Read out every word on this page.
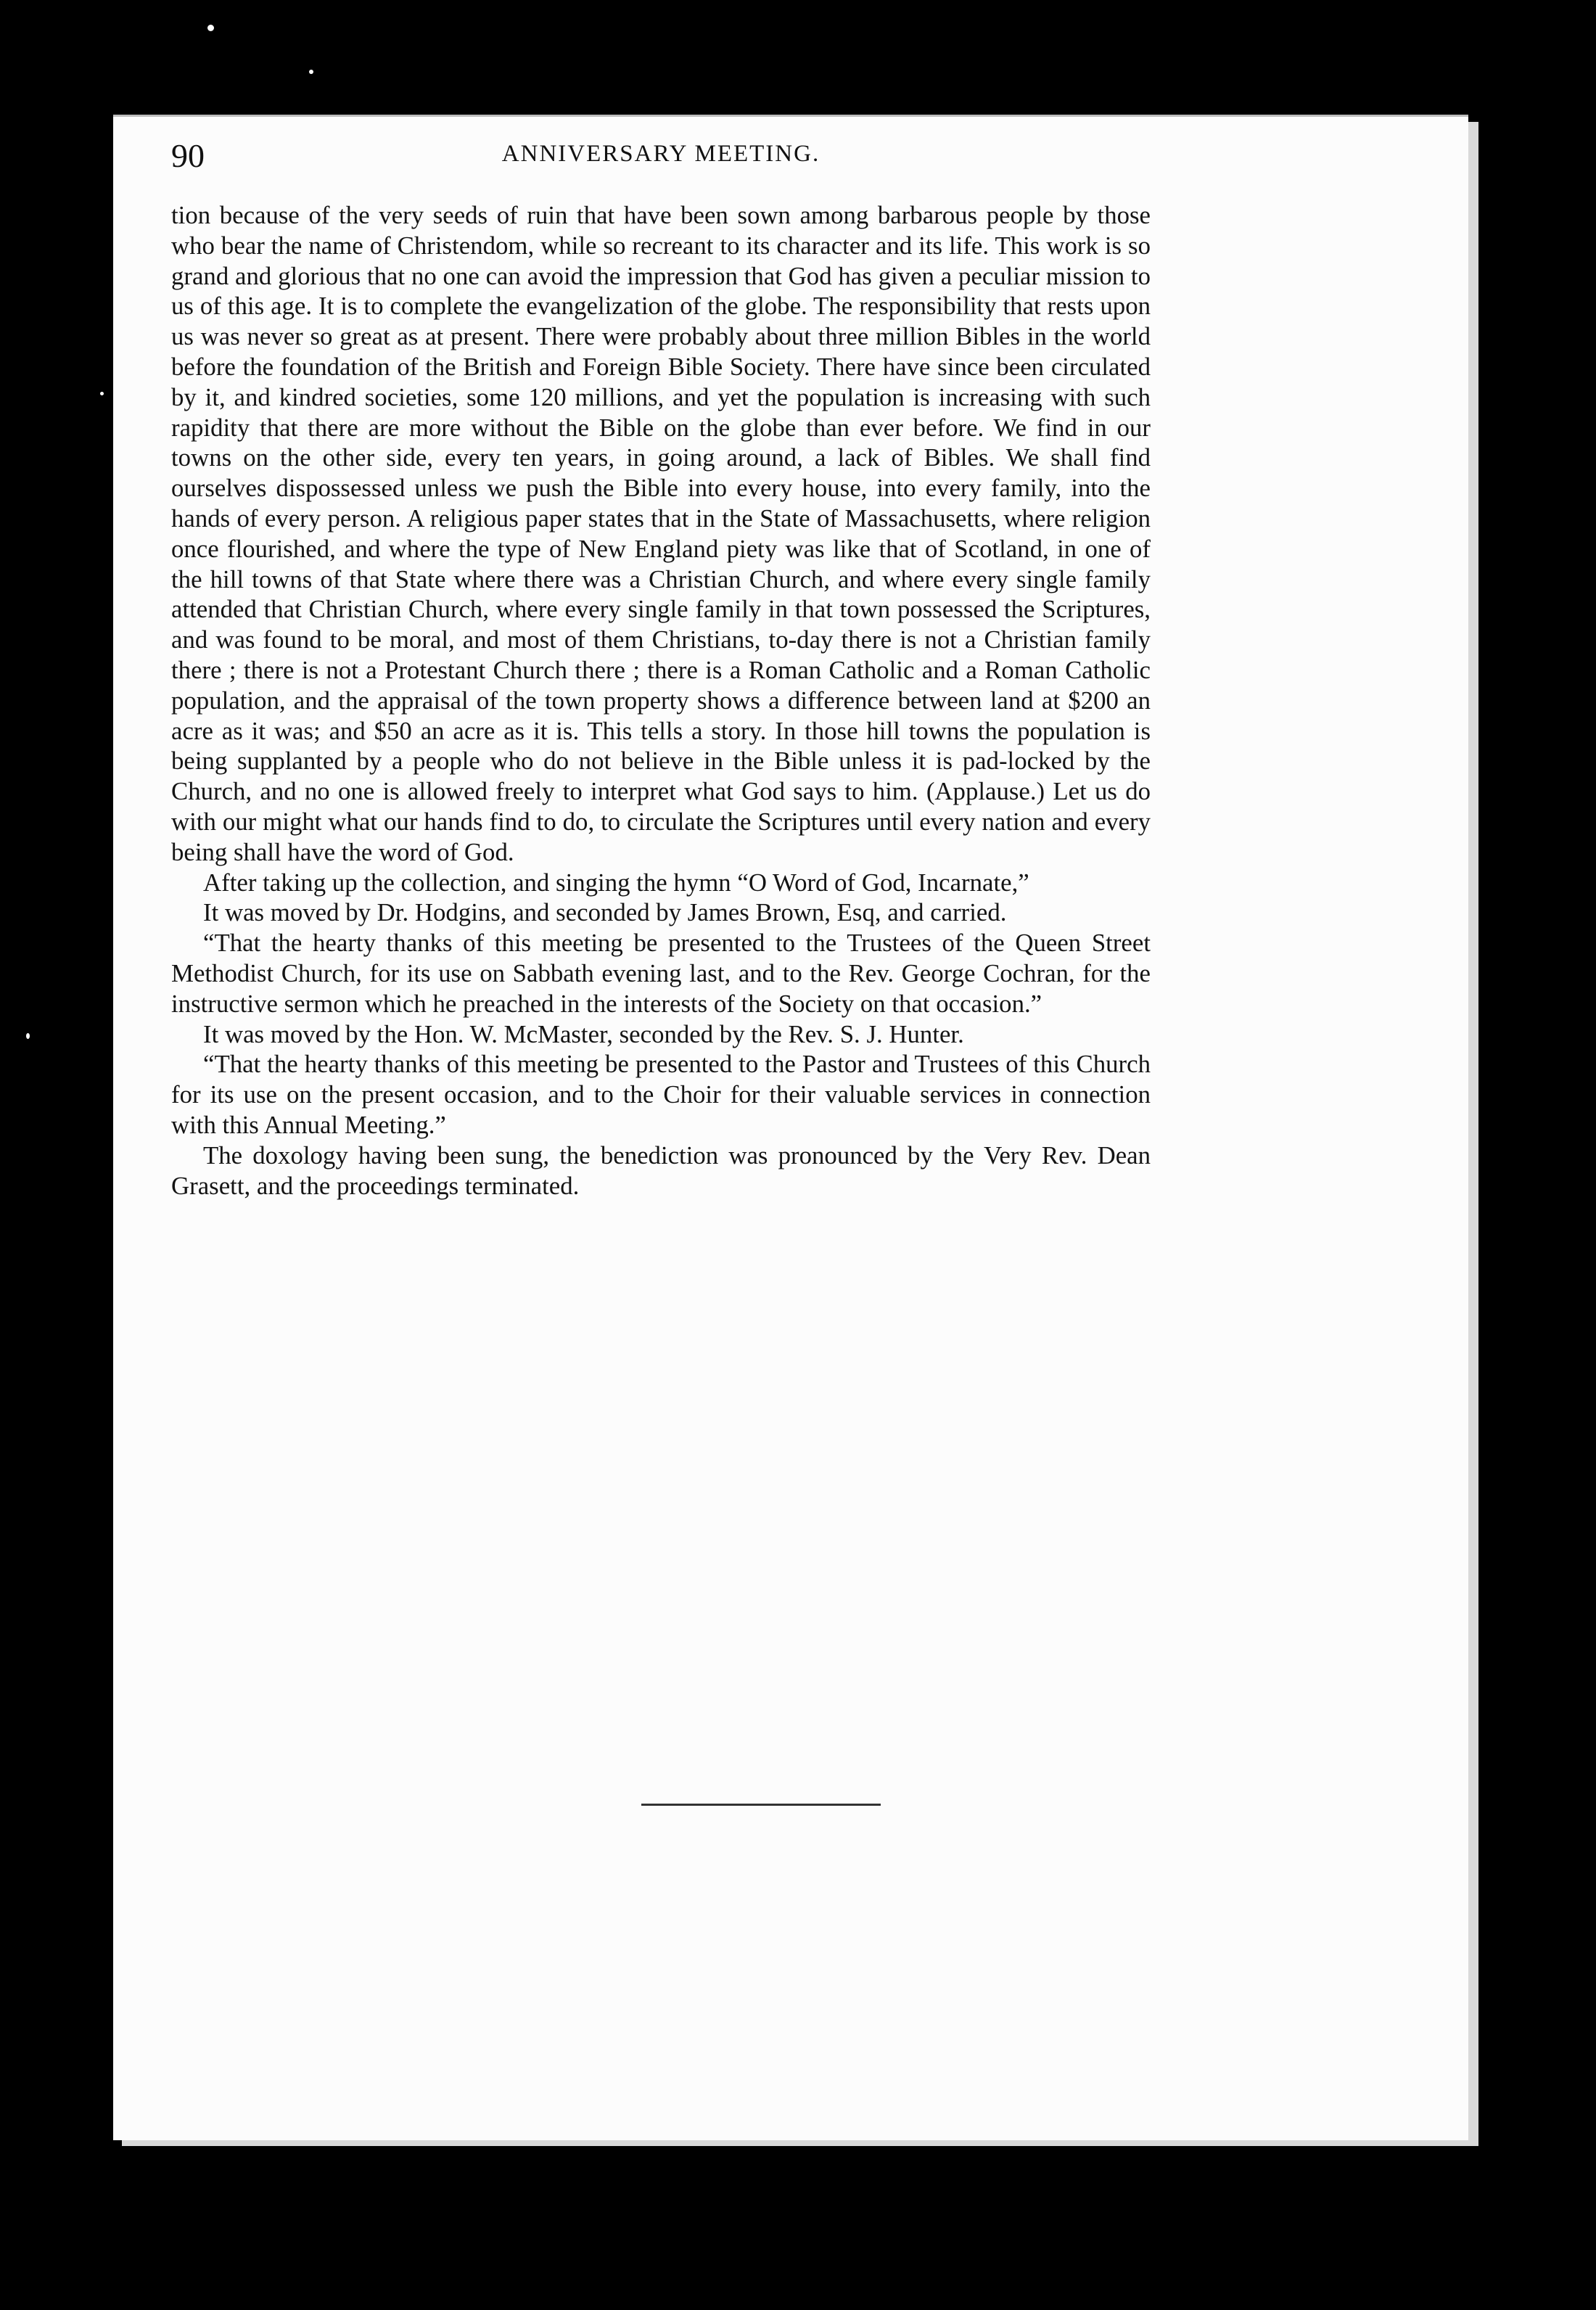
90	ANNIVERSARY MEETING.

tion because of the very seeds of ruin that have been sown among barbarous people by those who bear the name of Christendom, while so recreant to its character and its life. This work is so grand and glorious that no one can avoid the impression that God has given a peculiar mission to us of this age. It is to complete the evangelization of the globe. The responsibility that rests upon us was never so great as at present. There were probably about three million Bibles in the world before the foundation of the British and Foreign Bible Society. There have since been circulated by it, and kindred societies, some 120 millions, and yet the population is increasing with such rapidity that there are more without the Bible on the globe than ever before. We find in our towns on the other side, every ten years, in going around, a lack of Bibles. We shall find ourselves dispossessed unless we push the Bible into every house, into every family, into the hands of every person. A religious paper states that in the State of Massachusetts, where religion once flourished, and where the type of New England piety was like that of Scotland, in one of the hill towns of that State where there was a Christian Church, and where every single family attended that Christian Church, where every single family in that town possessed the Scriptures, and was found to be moral, and most of them Christians, to-day there is not a Christian family there ; there is not a Protestant Church there ; there is a Roman Catholic and a Roman Catholic population, and the appraisal of the town property shows a difference between land at $200 an acre as it was; and $50 an acre as it is. This tells a story. In those hill towns the population is being supplanted by a people who do not believe in the Bible unless it is pad-locked by the Church, and no one is allowed freely to interpret what God says to him. (Applause.) Let us do with our might what our hands find to do, to circulate the Scriptures until every nation and every being shall have the word of God.

After taking up the collection, and singing the hymn “O Word of God, Incarnate,”

It was moved by Dr. Hodgins, and seconded by James Brown, Esq, and carried.

“That the hearty thanks of this meeting be presented to the Trustees of the Queen Street Methodist Church, for its use on Sabbath evening last, and to the Rev. George Cochran, for the instructive sermon which he preached in the interests of the Society on that occasion.”

It was moved by the Hon. W. McMaster, seconded by the Rev. S. J. Hunter.

“That the hearty thanks of this meeting be presented to the Pastor and Trustees of this Church for its use on the present occasion, and to the Choir for their valuable services in connection with this Annual Meeting.”

The doxology having been sung, the benediction was pronounced by the Very Rev. Dean Grasett, and the proceedings terminated.
